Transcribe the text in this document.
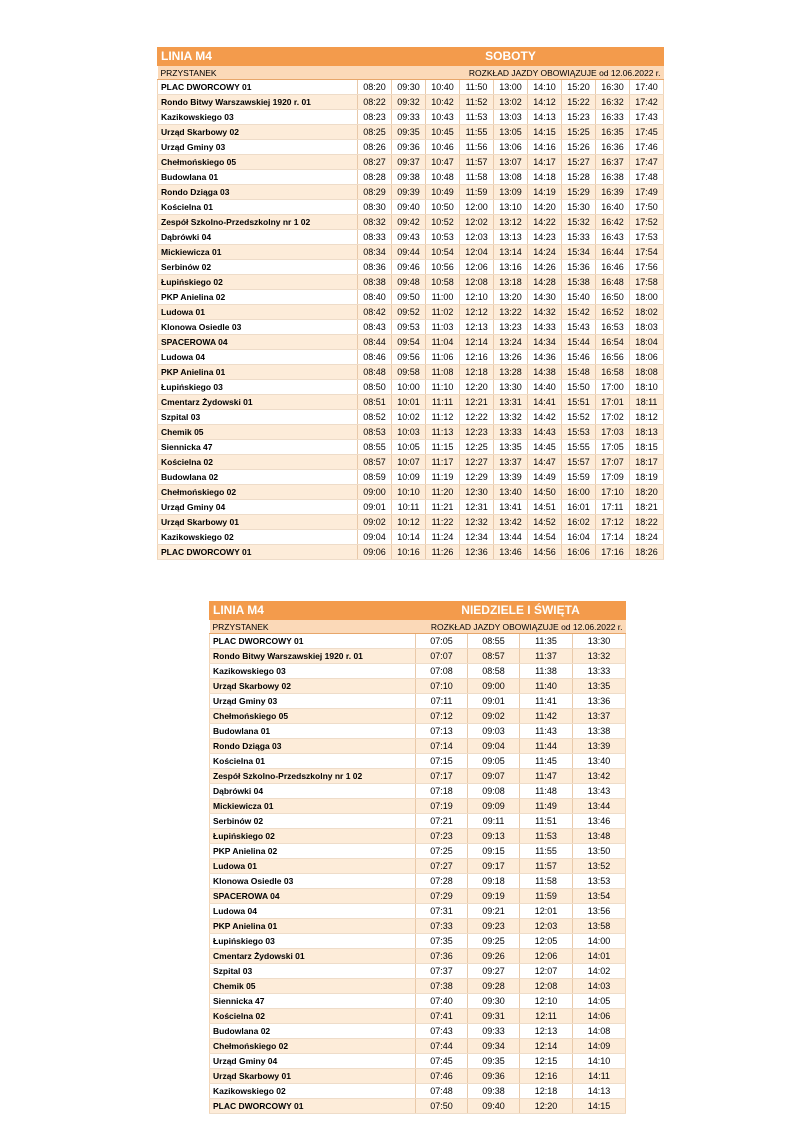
LINIA M4	SOBOTY								
PRZYSTANEK	ROZKŁAD JAZDY OBOWIĄZUJE od 12.06.2022 r.								
PLAC DWORCOWY 01	08:20	09:30	10:40	11:50	13:00	14:10	15:20	16:30	17:40
Rondo Bitwy Warszawskiej 1920 r. 01	08:22	09:32	10:42	11:52	13:02	14:12	15:22	16:32	17:42
Kazikowskiego 03	08:23	09:33	10:43	11:53	13:03	14:13	15:23	16:33	17:43
Urząd Skarbowy 02	08:25	09:35	10:45	11:55	13:05	14:15	15:25	16:35	17:45
Urząd Gminy 03	08:26	09:36	10:46	11:56	13:06	14:16	15:26	16:36	17:46
Chełmońskiego 05	08:27	09:37	10:47	11:57	13:07	14:17	15:27	16:37	17:47
Budowlana 01	08:28	09:38	10:48	11:58	13:08	14:18	15:28	16:38	17:48
Rondo Dziąga 03	08:29	09:39	10:49	11:59	13:09	14:19	15:29	16:39	17:49
Kościelna 01	08:30	09:40	10:50	12:00	13:10	14:20	15:30	16:40	17:50
Zespół Szkolno-Przedszkolny nr 1 02	08:32	09:42	10:52	12:02	13:12	14:22	15:32	16:42	17:52
Dąbrówki 04	08:33	09:43	10:53	12:03	13:13	14:23	15:33	16:43	17:53
Mickiewicza 01	08:34	09:44	10:54	12:04	13:14	14:24	15:34	16:44	17:54
Serbinów 02	08:36	09:46	10:56	12:06	13:16	14:26	15:36	16:46	17:56
Łupińskiego 02	08:38	09:48	10:58	12:08	13:18	14:28	15:38	16:48	17:58
PKP Anielina 02	08:40	09:50	11:00	12:10	13:20	14:30	15:40	16:50	18:00
Ludowa 01	08:42	09:52	11:02	12:12	13:22	14:32	15:42	16:52	18:02
Klonowa Osiedle 03	08:43	09:53	11:03	12:13	13:23	14:33	15:43	16:53	18:03
SPACEROWA 04	08:44	09:54	11:04	12:14	13:24	14:34	15:44	16:54	18:04
Ludowa 04	08:46	09:56	11:06	12:16	13:26	14:36	15:46	16:56	18:06
PKP Anielina 01	08:48	09:58	11:08	12:18	13:28	14:38	15:48	16:58	18:08
Łupińskiego 03	08:50	10:00	11:10	12:20	13:30	14:40	15:50	17:00	18:10
Cmentarz Żydowski 01	08:51	10:01	11:11	12:21	13:31	14:41	15:51	17:01	18:11
Szpital 03	08:52	10:02	11:12	12:22	13:32	14:42	15:52	17:02	18:12
Chemik 05	08:53	10:03	11:13	12:23	13:33	14:43	15:53	17:03	18:13
Siennicka 47	08:55	10:05	11:15	12:25	13:35	14:45	15:55	17:05	18:15
Kościelna 02	08:57	10:07	11:17	12:27	13:37	14:47	15:57	17:07	18:17
Budowlana 02	08:59	10:09	11:19	12:29	13:39	14:49	15:59	17:09	18:19
Chełmońskiego 02	09:00	10:10	11:20	12:30	13:40	14:50	16:00	17:10	18:20
Urząd Gminy 04	09:01	10:11	11:21	12:31	13:41	14:51	16:01	17:11	18:21
Urząd Skarbowy 01	09:02	10:12	11:22	12:32	13:42	14:52	16:02	17:12	18:22
Kazikowskiego 02	09:04	10:14	11:24	12:34	13:44	14:54	16:04	17:14	18:24
PLAC DWORCOWY 01	09:06	10:16	11:26	12:36	13:46	14:56	16:06	17:16	18:26
LINIA M4	NIEDZIELE I ŚWIĘTA			
PRZYSTANEK	ROZKŁAD JAZDY OBOWIĄZUJE od 12.06.2022 r.			
PLAC DWORCOWY 01	07:05	08:55	11:35	13:30
Rondo Bitwy Warszawskiej 1920 r. 01	07:07	08:57	11:37	13:32
Kazikowskiego 03	07:08	08:58	11:38	13:33
Urząd Skarbowy 02	07:10	09:00	11:40	13:35
Urząd Gminy 03	07:11	09:01	11:41	13:36
Chełmońskiego 05	07:12	09:02	11:42	13:37
Budowlana 01	07:13	09:03	11:43	13:38
Rondo Dziąga 03	07:14	09:04	11:44	13:39
Kościelna 01	07:15	09:05	11:45	13:40
Zespół Szkolno-Przedszkolny nr 1 02	07:17	09:07	11:47	13:42
Dąbrówki 04	07:18	09:08	11:48	13:43
Mickiewicza 01	07:19	09:09	11:49	13:44
Serbinów 02	07:21	09:11	11:51	13:46
Łupińskiego 02	07:23	09:13	11:53	13:48
PKP Anielina 02	07:25	09:15	11:55	13:50
Ludowa 01	07:27	09:17	11:57	13:52
Klonowa Osiedle 03	07:28	09:18	11:58	13:53
SPACEROWA 04	07:29	09:19	11:59	13:54
Ludowa 04	07:31	09:21	12:01	13:56
PKP Anielina 01	07:33	09:23	12:03	13:58
Łupińskiego 03	07:35	09:25	12:05	14:00
Cmentarz Żydowski 01	07:36	09:26	12:06	14:01
Szpital 03	07:37	09:27	12:07	14:02
Chemik 05	07:38	09:28	12:08	14:03
Siennicka 47	07:40	09:30	12:10	14:05
Kościelna 02	07:41	09:31	12:11	14:06
Budowlana 02	07:43	09:33	12:13	14:08
Chełmońskiego 02	07:44	09:34	12:14	14:09
Urząd Gminy 04	07:45	09:35	12:15	14:10
Urząd Skarbowy 01	07:46	09:36	12:16	14:11
Kazikowskiego 02	07:48	09:38	12:18	14:13
PLAC DWORCOWY 01	07:50	09:40	12:20	14:15
